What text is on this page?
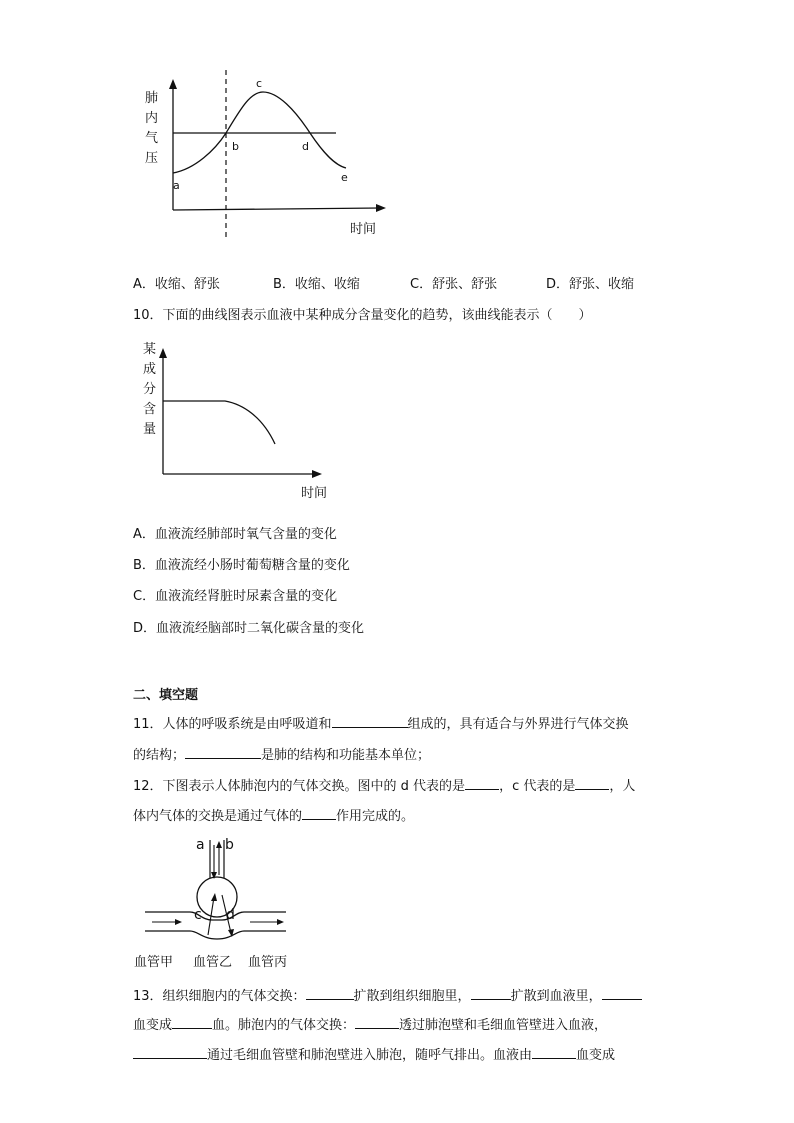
肺
内
气
压
时间
a
b
c
d
e
A．收缩、舒张	B．收缩、收缩	C．舒张、舒张	D．舒张、收缩
10．下面的曲线图表示血液中某种成分含量变化的趋势，该曲线能表示（　　）
某
成
分
含
量
时间
A．血液流经肺部时氧气含量的变化
B．血液流经小肠时葡萄糖含量的变化
C．血液流经肾脏时尿素含量的变化
D．血液流经脑部时二氧化碳含量的变化
二、填空题
11．人体的呼吸系统是由呼吸道和	组成的，具有适合与外界进行气体交换
的结构；	是肺的结构和功能基本单位；
12．下图表示人体肺泡内的气体交换。图中的 d 代表的是	，c 代表的是	，人
体内气体的交换是通过气体的	作用完成的。
a b
c d
血管甲 血管乙 血管丙
13．组织细胞内的气体交换：	扩散到组织细胞里，	扩散到血液里，
血变成	血。肺泡内的气体交换：	透过肺泡壁和毛细血管壁进入血液，
通过毛细血管壁和肺泡壁进入肺泡，随呼气排出。血液由	血变成
